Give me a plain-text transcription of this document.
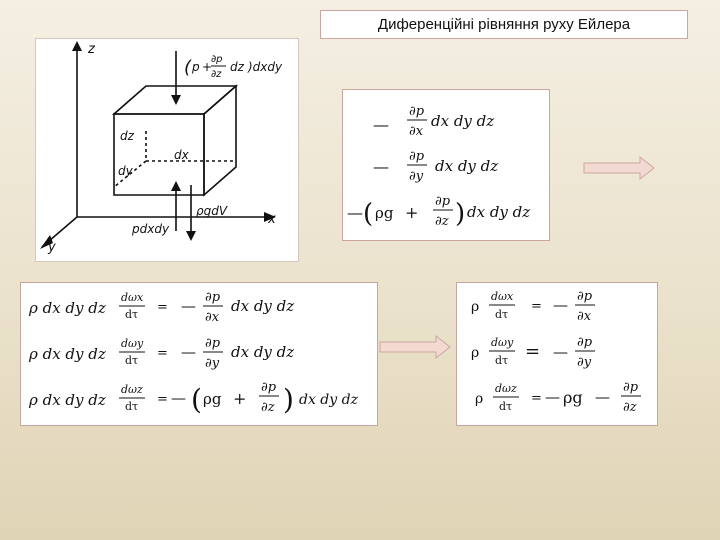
Диференційні рівняння руху Ейлера
z
x
y
( p +
∂p
∂z
dz )dxdy
dz
dx
dy
ρgdV
pdxdy
—
∂p
∂x
dx dy dz
—
∂p
∂y
dx dy dz
— ( ρg +
∂p
∂z ) dx dy dz
ρ dx dy dz
dωx
dτ = — ∂p
∂x
dx dy dz
ρ dx dy dz
dωy
dτ = — ∂p
∂y
dx dy dz
ρ dx dy dz
dωz
dτ = — ( ρg +
∂p
∂z ) dx dy dz
ρ
dωx
dτ
= — ∂p
∂x
ρ
dωy
dτ = —
∂p
∂y
ρ
dωz
dτ
= — ρg —
∂p
∂z
